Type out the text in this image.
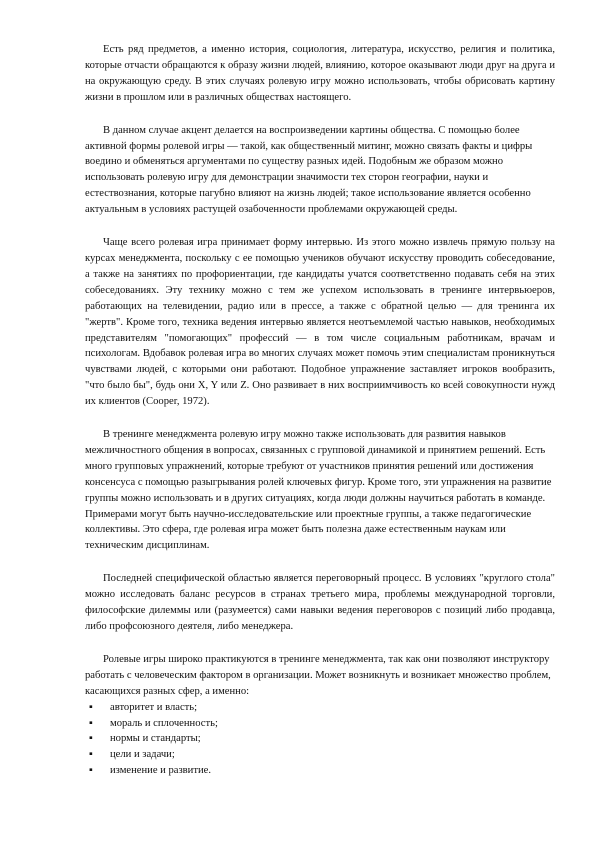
Есть ряд предметов, а именно история, социология, литература, искусство, религия и политика, которые отчасти обращаются к образу жизни людей, влиянию, которое оказывают люди друг на друга и на окружающую среду. В этих случаях ролевую игру можно использовать, чтобы обрисовать картину жизни в прошлом или в различных обществах настоящего.

В данном случае акцент делается на воспроизведении картины общества. С помощью более активной формы ролевой игры — такой, как общественный митинг, можно связать факты и цифры воедино и обменяться аргументами по существу разных идей. Подобным же образом можно использовать ролевую игру для демонстрации значимости тех сторон географии, науки и естествознания, которые пагубно влияют на жизнь людей; такое использование является особенно актуальным в условиях растущей озабоченности проблемами окружающей среды.

Чаще всего ролевая игра принимает форму интервью. Из этого можно извлечь прямую пользу на курсах менеджмента, поскольку с ее помощью учеников обучают искусству проводить собеседование, а также на занятиях по профориентации, где кандидаты учатся соответственно подавать себя на этих собеседованиях. Эту технику можно с тем же успехом использовать в тренинге интервьюеров, работающих на телевидении, радио или в прессе, а также с обратной целью — для тренинга их "жертв". Кроме того, техника ведения интервью является неотъемлемой частью навыков, необходимых представителям "помогающих" профессий — в том числе социальным работникам, врачам и психологам. Вдобавок ролевая игра во многих случаях может помочь этим специалистам проникнуться чувствами людей, с которыми они работают. Подобное упражнение заставляет игроков вообразить, "что было бы", будь они X, Y или Z. Оно развивает в них восприимчивость ко всей совокупности нужд их клиентов (Cooper, 1972).

В тренинге менеджмента ролевую игру можно также использовать для развития навыков межличностного общения в вопросах, связанных с групповой динамикой и принятием решений. Есть много групповых упражнений, которые требуют от участников принятия решений или достижения консенсуса с помощью разыгрывания ролей ключевых фигур. Кроме того, эти упражнения на развитие группы можно использовать и в других ситуациях, когда люди должны научиться работать в команде. Примерами могут быть научно-исследовательские или проектные группы, а также педагогические коллективы. Это сфера, где ролевая игра может быть полезна даже естественным наукам или техническим дисциплинам.

Последней специфической областью является переговорный процесс. В условиях "круглого стола" можно исследовать баланс ресурсов в странах третьего мира, проблемы международной торговли, философские дилеммы или (разумеется) сами навыки ведения переговоров с позиций либо продавца, либо профсоюзного деятеля, либо менеджера.

Ролевые игры широко практикуются в тренинге менеджмента, так как они позволяют инструктору работать с человеческим фактором в организации. Может возникнуть и возникает множество проблем, касающихся разных сфер, а именно:

▪ авторитет и власть;
▪ мораль и сплоченность;
▪ нормы и стандарты;
▪ цели и задачи;
▪ изменение и развитие.
